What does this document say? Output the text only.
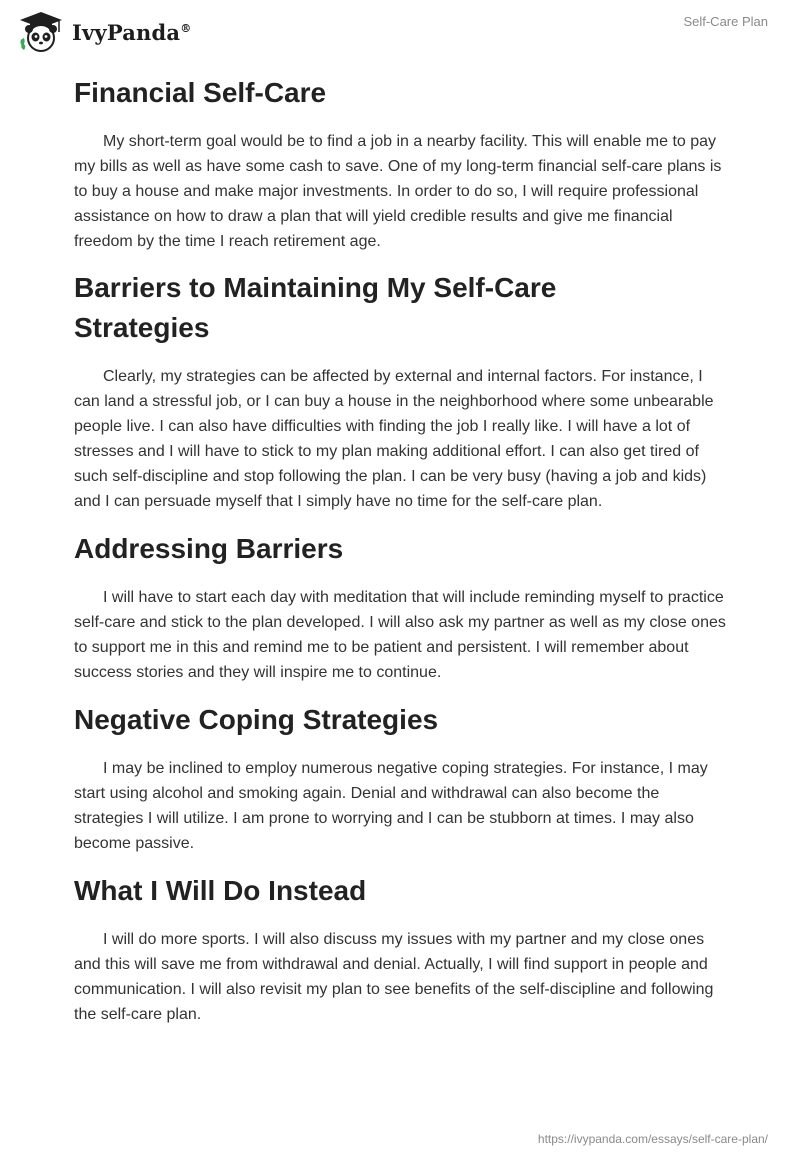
IvyPanda®	Self-Care Plan
Financial Self-Care

My short-term goal would be to find a job in a nearby facility. This will enable me to pay my bills as well as have some cash to save. One of my long-term financial self-care plans is to buy a house and make major investments. In order to do so, I will require professional assistance on how to draw a plan that will yield credible results and give me financial freedom by the time I reach retirement age.

Barriers to Maintaining My Self-Care Strategies

Clearly, my strategies can be affected by external and internal factors. For instance, I can land a stressful job, or I can buy a house in the neighborhood where some unbearable people live. I can also have difficulties with finding the job I really like. I will have a lot of stresses and I will have to stick to my plan making additional effort. I can also get tired of such self-discipline and stop following the plan. I can be very busy (having a job and kids) and I can persuade myself that I simply have no time for the self-care plan.

Addressing Barriers

I will have to start each day with meditation that will include reminding myself to practice self-care and stick to the plan developed. I will also ask my partner as well as my close ones to support me in this and remind me to be patient and persistent. I will remember about success stories and they will inspire me to continue.

Negative Coping Strategies

I may be inclined to employ numerous negative coping strategies. For instance, I may start using alcohol and smoking again. Denial and withdrawal can also become the strategies I will utilize. I am prone to worrying and I can be stubborn at times. I may also become passive.

What I Will Do Instead

I will do more sports. I will also discuss my issues with my partner and my close ones and this will save me from withdrawal and denial. Actually, I will find support in people and communication. I will also revisit my plan to see benefits of the self-discipline and following the self-care plan.

https://ivypanda.com/essays/self-care-plan/
